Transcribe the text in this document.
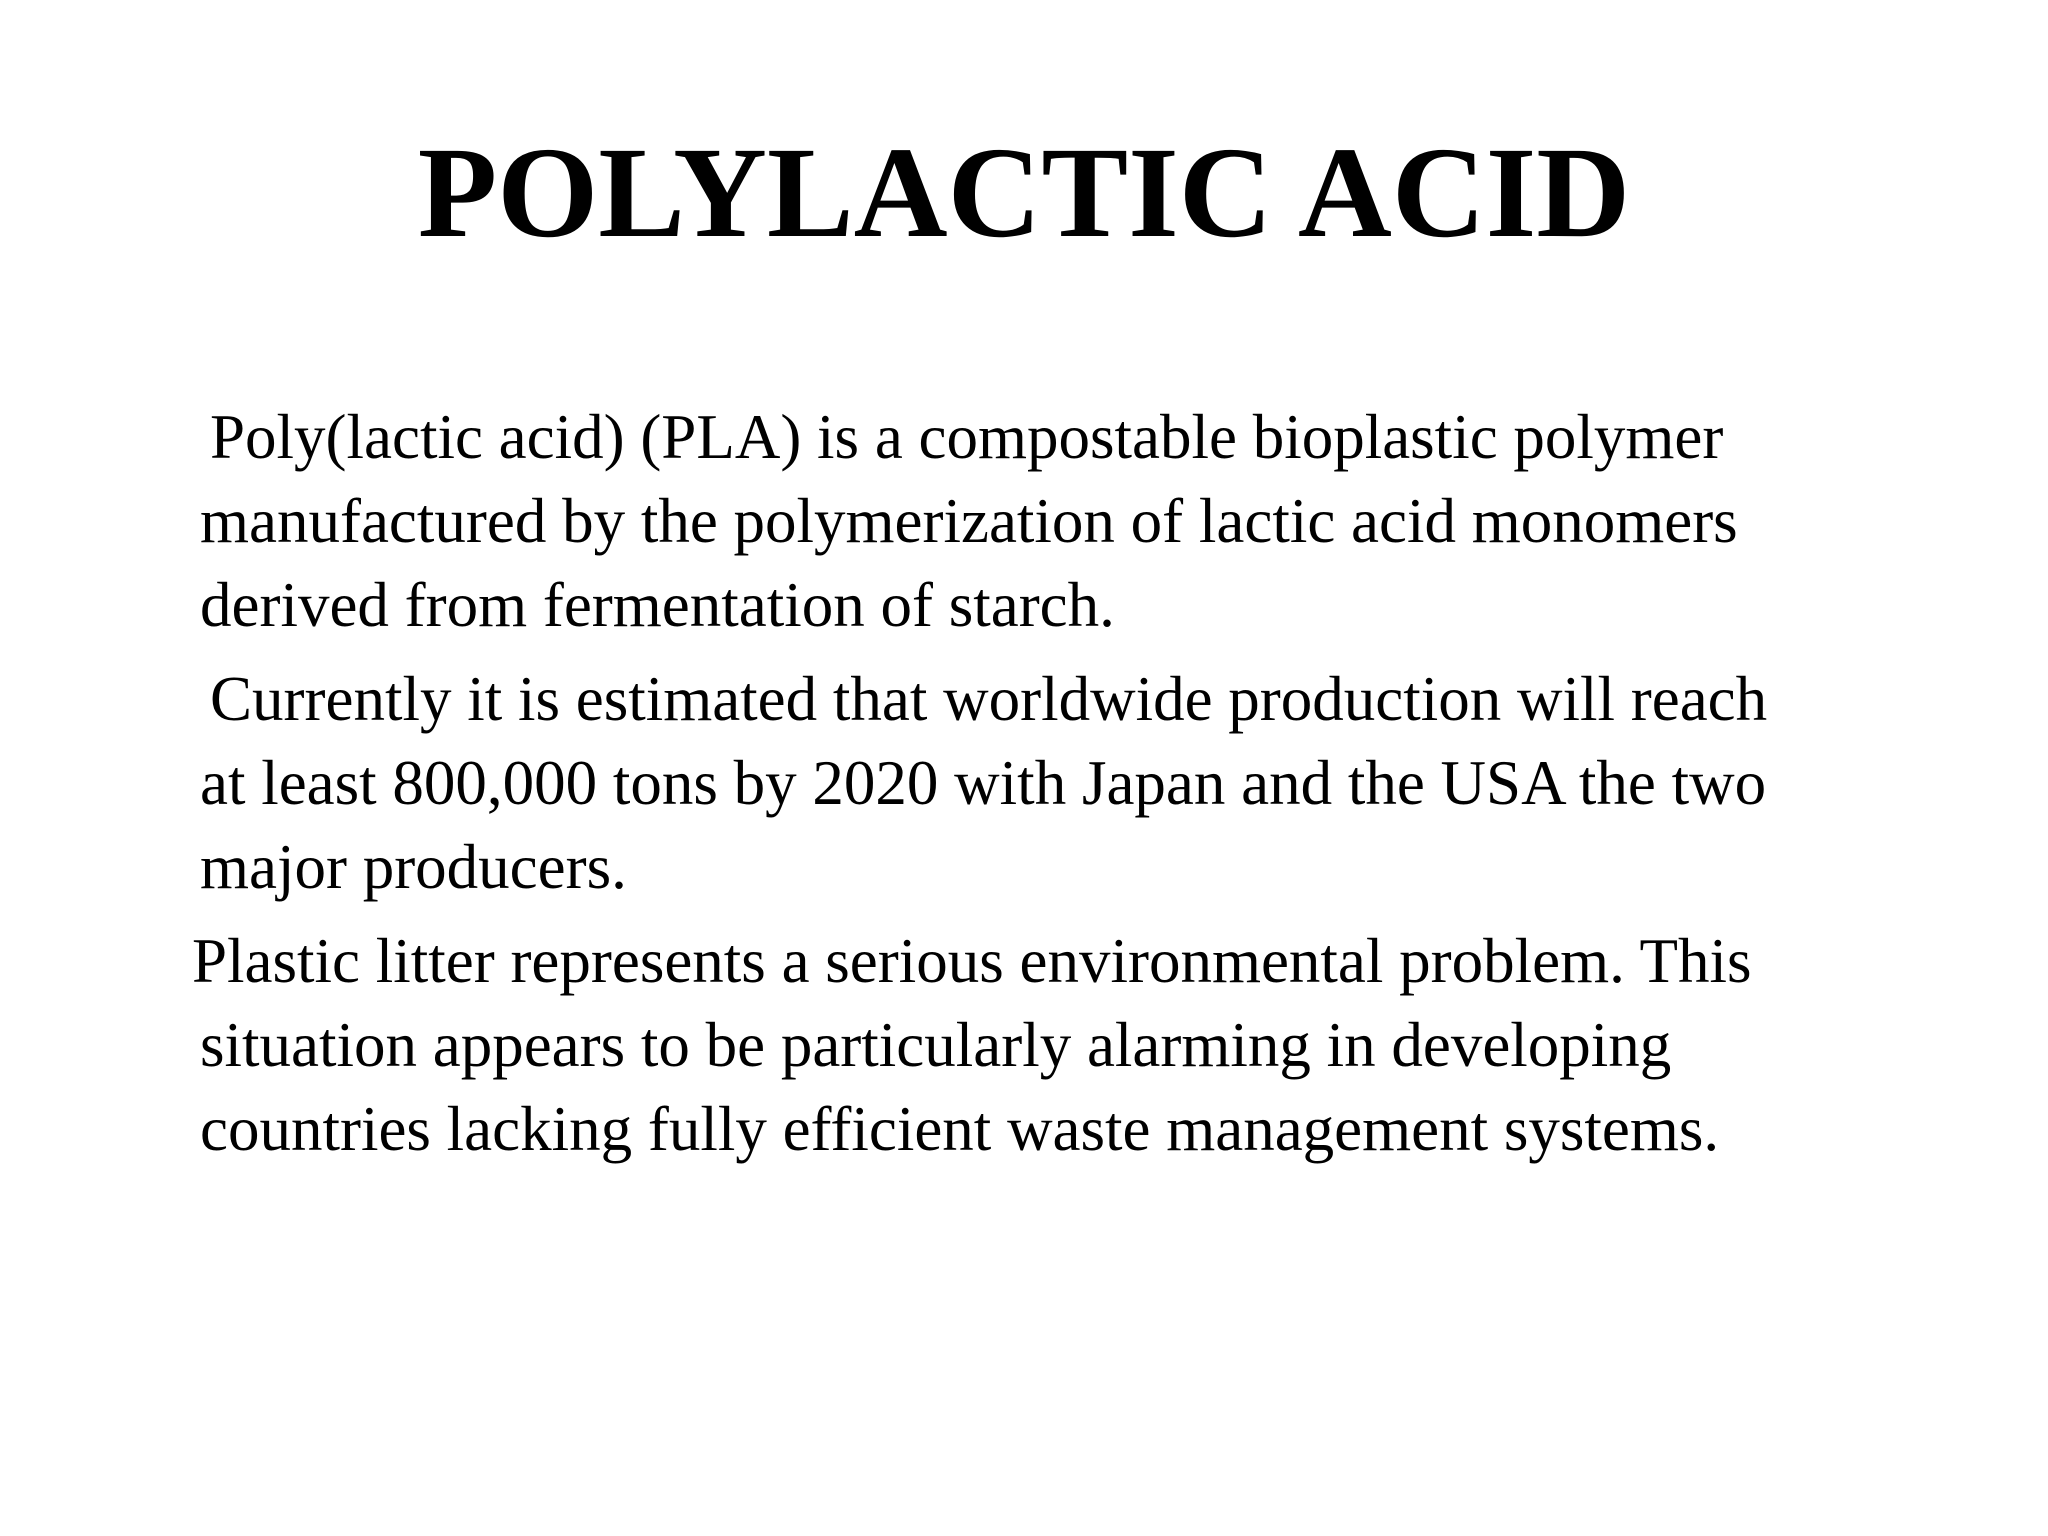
POLYLACTIC ACID

Poly(lactic acid) (PLA) is a compostable bioplastic polymer
manufactured by the polymerization of lactic acid monomers
derived from fermentation of starch.

Currently it is estimated that worldwide production will reach
at least 800,000 tons by 2020 with Japan and the USA the two
major producers.

Plastic litter represents a serious environmental problem. This
situation appears to be particularly alarming in developing
countries lacking fully efficient waste management systems.
